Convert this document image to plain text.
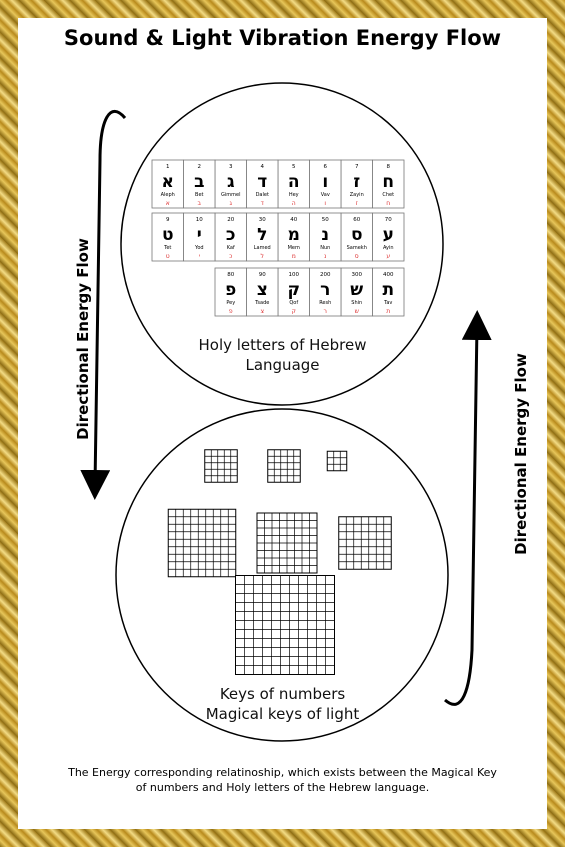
Sound & Light Vibration Energy Flow
8
ח
Chet
ח
7
ז
Zayin
ז
6
ו
Vav
ו
5
ה
Hey
ה
4
ד
Dalet
ד
3
ג
Gimmel
ג
2
ב
Bet
ב
1
א
Aleph
א
70
ע
Ayin
ע
60
ס
Samekh
ס
50
נ
Nun
נ
40
מ
Mem
מ
30
ל
Lamed
ל
20
כ
Kaf
כ
10
י
Yod
י
9
ט
Tet
ט
400
ת
Tav
ת
300
ש
Shin
ש
200
ר
Resh
ר
100
ק
Qof
ק
90
צ
Tsade
צ
80
פ
Pey
פ
Directional Energy Flow
Directional Energy Flow
Holy letters of Hebrew
Language
Keys of numbers
Magical keys of light
The Energy corresponding relatinoship, which exists between the Magical Key
of numbers and Holy letters of the Hebrew language.
